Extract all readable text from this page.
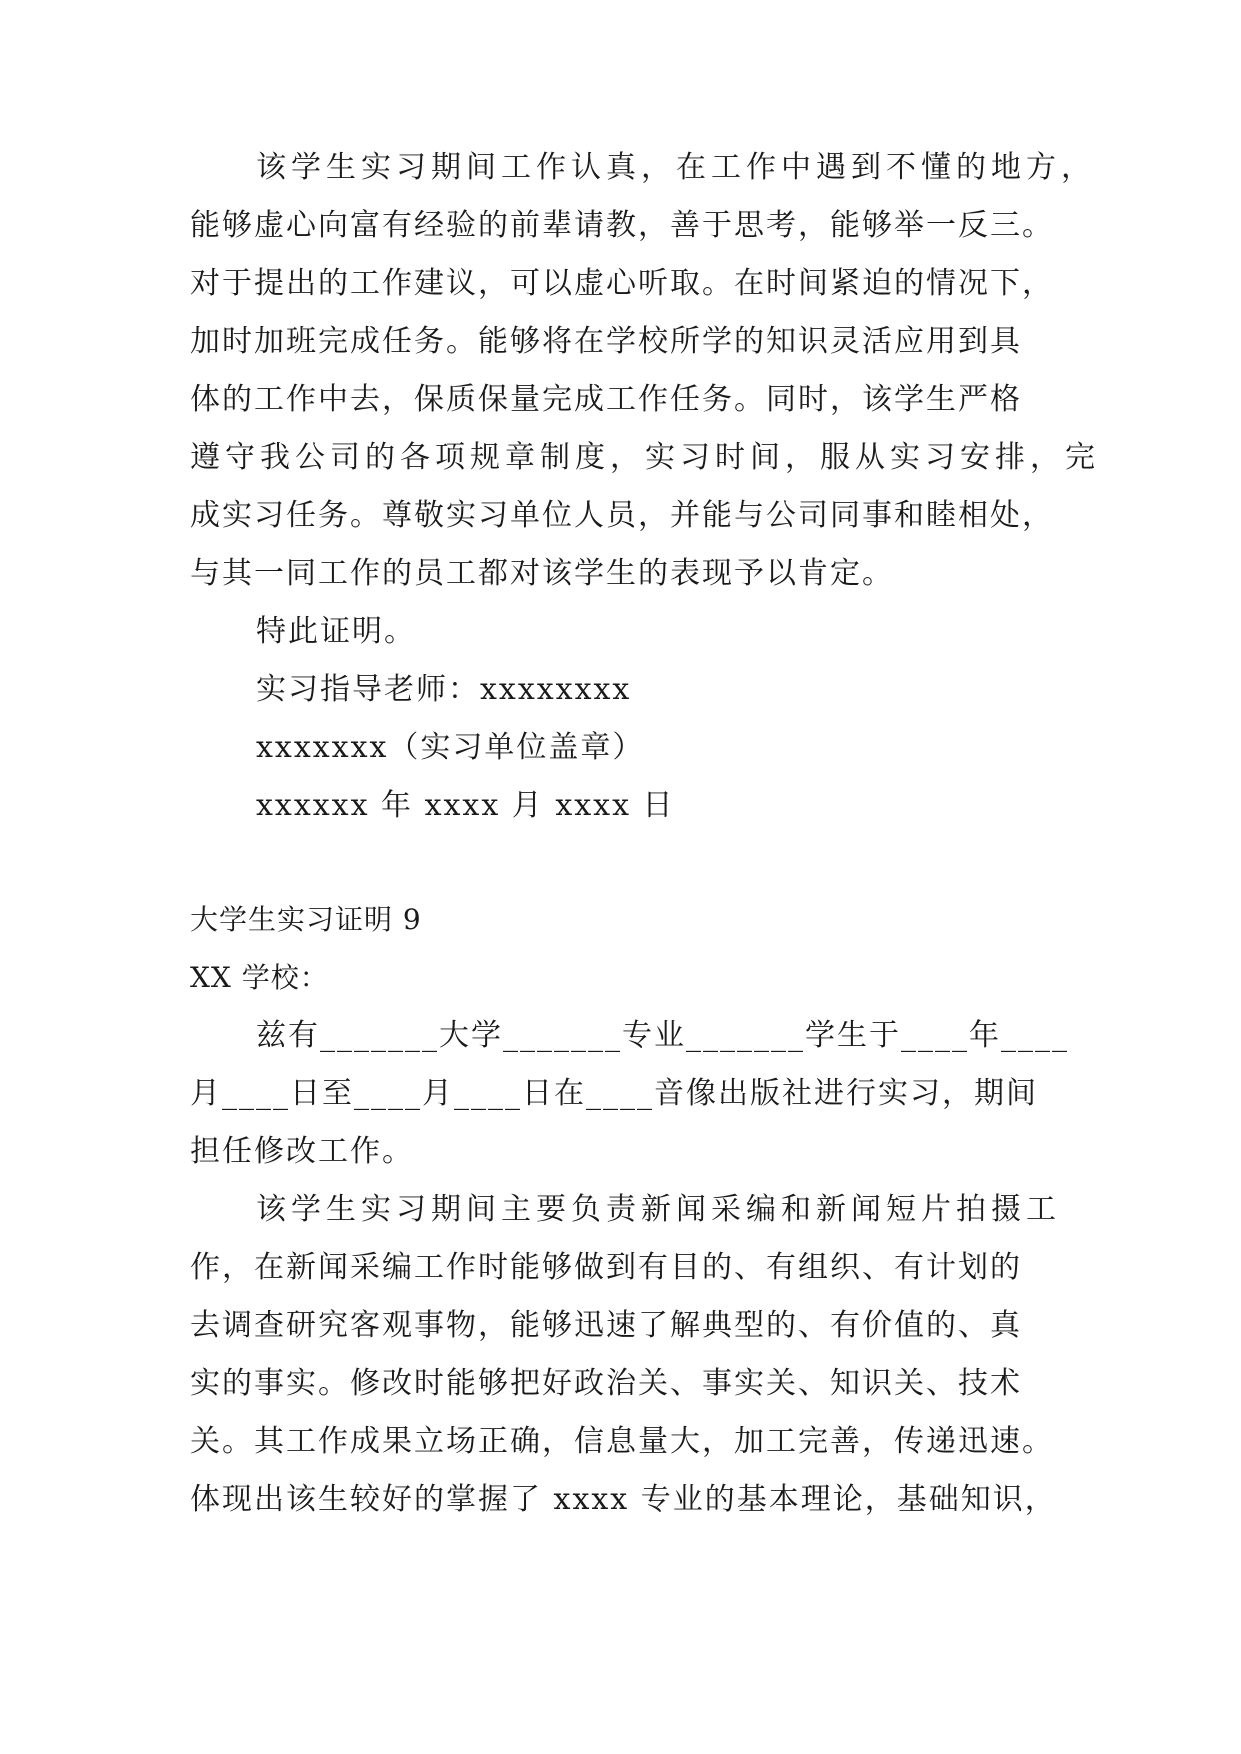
该学生实习期间工作认真，在工作中遇到不懂的地方，
能够虚心向富有经验的前辈请教，善于思考，能够举一反三。
对于提出的工作建议，可以虚心听取。在时间紧迫的情况下，
加时加班完成任务。能够将在学校所学的知识灵活应用到具
体的工作中去，保质保量完成工作任务。同时，该学生严格
遵守我公司的各项规章制度，实习时间，服从实习安排，完
成实习任务。尊敬实习单位人员，并能与公司同事和睦相处，
与其一同工作的员工都对该学生的表现予以肯定。
特此证明。
实习指导老师：xxxxxxxx
xxxxxxx（实习单位盖章）
xxxxxx 年 xxxx 月 xxxx 日
大学生实习证明 9
XX 学校：
兹有_______大学_______专业_______学生于____年____
月____日至____月____日在____音像出版社进行实习，期间
担任修改工作。
该学生实习期间主要负责新闻采编和新闻短片拍摄工
作，在新闻采编工作时能够做到有目的、有组织、有计划的
去调查研究客观事物，能够迅速了解典型的、有价值的、真
实的事实。修改时能够把好政治关、事实关、知识关、技术
关。其工作成果立场正确，信息量大，加工完善，传递迅速。
体现出该生较好的掌握了 xxxx 专业的基本理论，基础知识，
